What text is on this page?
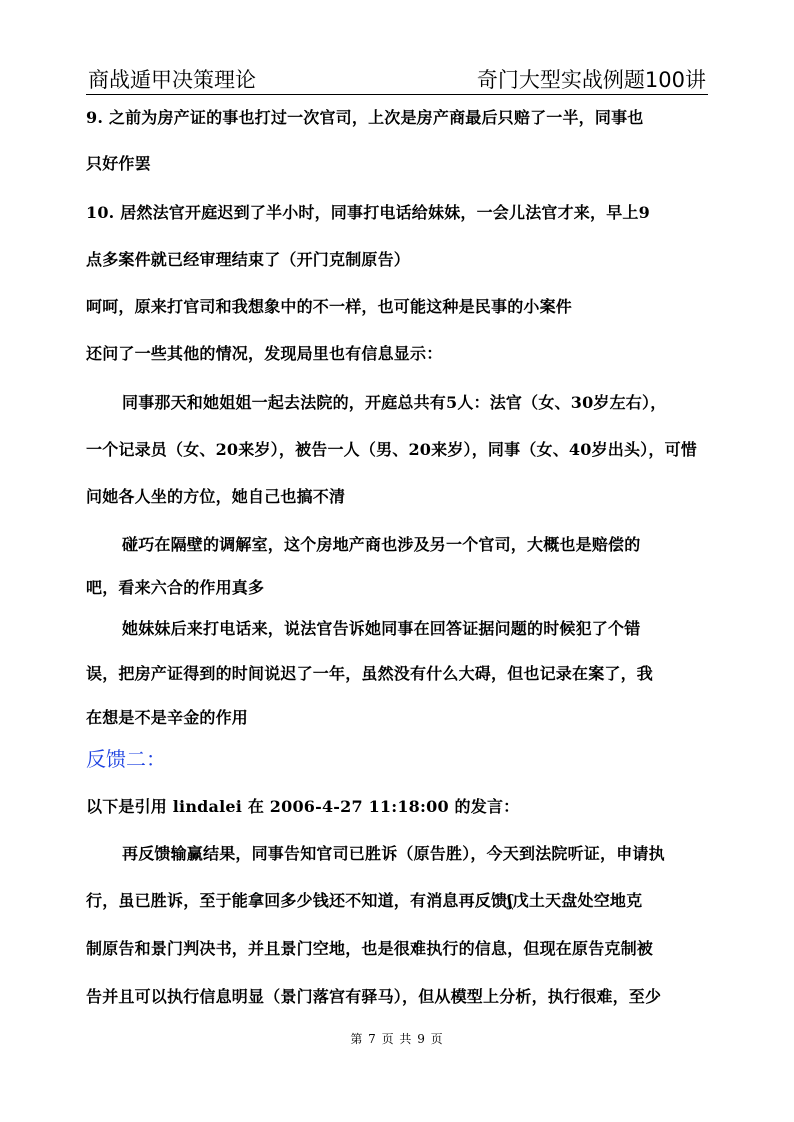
商战遁甲决策理论	奇门大型实战例题100讲
9. 之前为房产证的事也打过一次官司，上次是房产商最后只赔了一半，同事也
只好作罢
10. 居然法官开庭迟到了半小时，同事打电话给妹妹，一会儿法官才来，早上9
点多案件就已经审理结束了（开门克制原告）
呵呵，原来打官司和我想象中的不一样，也可能这种是民事的小案件
还问了一些其他的情况，发现局里也有信息显示：
同事那天和她姐姐一起去法院的，开庭总共有5人：法官（女、30岁左右），
一个记录员（女、20来岁），被告一人（男、20来岁），同事（女、40岁出头），可惜
问她各人坐的方位，她自己也搞不清
碰巧在隔壁的调解室，这个房地产商也涉及另一个官司，大概也是赔偿的
吧，看来六合的作用真多
她妹妹后来打电话来，说法官告诉她同事在回答证据问题的时候犯了个错
误，把房产证得到的时间说迟了一年，虽然没有什么大碍，但也记录在案了，我
在想是不是辛金的作用
反馈二：
以下是引用 lindalei 在 2006-4-27 11:18:00 的发言：
再反馈输赢结果，同事告知官司已胜诉（原告胜），今天到法院听证，申请执
行，虽已胜诉，至于能拿回多少钱还不知道，有消息再反馈ʆ戊土天盘处空地克
制原告和景门判决书，并且景门空地，也是很难执行的信息，但现在原告克制被
告并且可以执行信息明显（景门落宫有驿马），但从模型上分析，执行很难，至少
第 7 页 共 9 页
